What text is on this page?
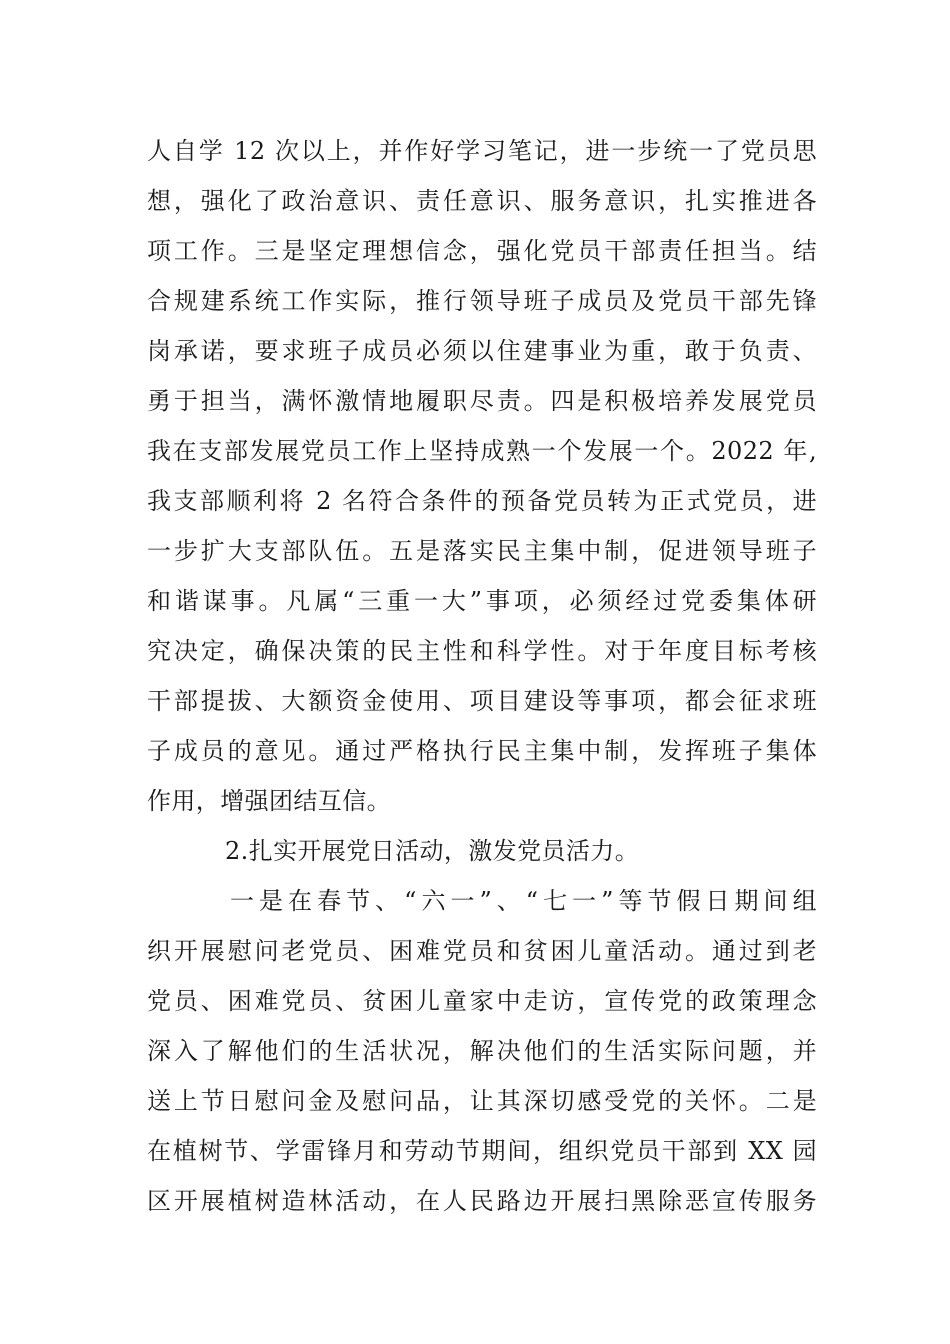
人自学 12 次以上，并作好学习笔记，进一步统一了党员思
想，强化了政治意识、责任意识、服务意识，扎实推进各
项工作。三是坚定理想信念，强化党员干部责任担当。结
合规建系统工作实际，推行领导班子成员及党员干部先锋
岗承诺，要求班子成员必须以住建事业为重，敢于负责、
勇于担当，满怀激情地履职尽责。四是积极培养发展党员
我在支部发展党员工作上坚持成熟一个发展一个。2022 年,
我支部顺利将 2 名符合条件的预备党员转为正式党员，进
一步扩大支部队伍。五是落实民主集中制，促进领导班子
和谐谋事。凡属“三重一大”事项，必须经过党委集体研
究决定，确保决策的民主性和科学性。对于年度目标考核
干部提拔、大额资金使用、项目建设等事项，都会征求班
子成员的意见。通过严格执行民主集中制，发挥班子集体
作用，增强团结互信。
2.扎实开展党日活动，激发党员活力。
一是在春节、“六一”、“七一”等节假日期间组
织开展慰问老党员、困难党员和贫困儿童活动。通过到老
党员、困难党员、贫困儿童家中走访，宣传党的政策理念
深入了解他们的生活状况，解决他们的生活实际问题，并
送上节日慰问金及慰问品，让其深切感受党的关怀。二是
在植树节、学雷锋月和劳动节期间，组织党员干部到 XX 园
区开展植树造林活动，在人民路边开展扫黑除恶宣传服务
